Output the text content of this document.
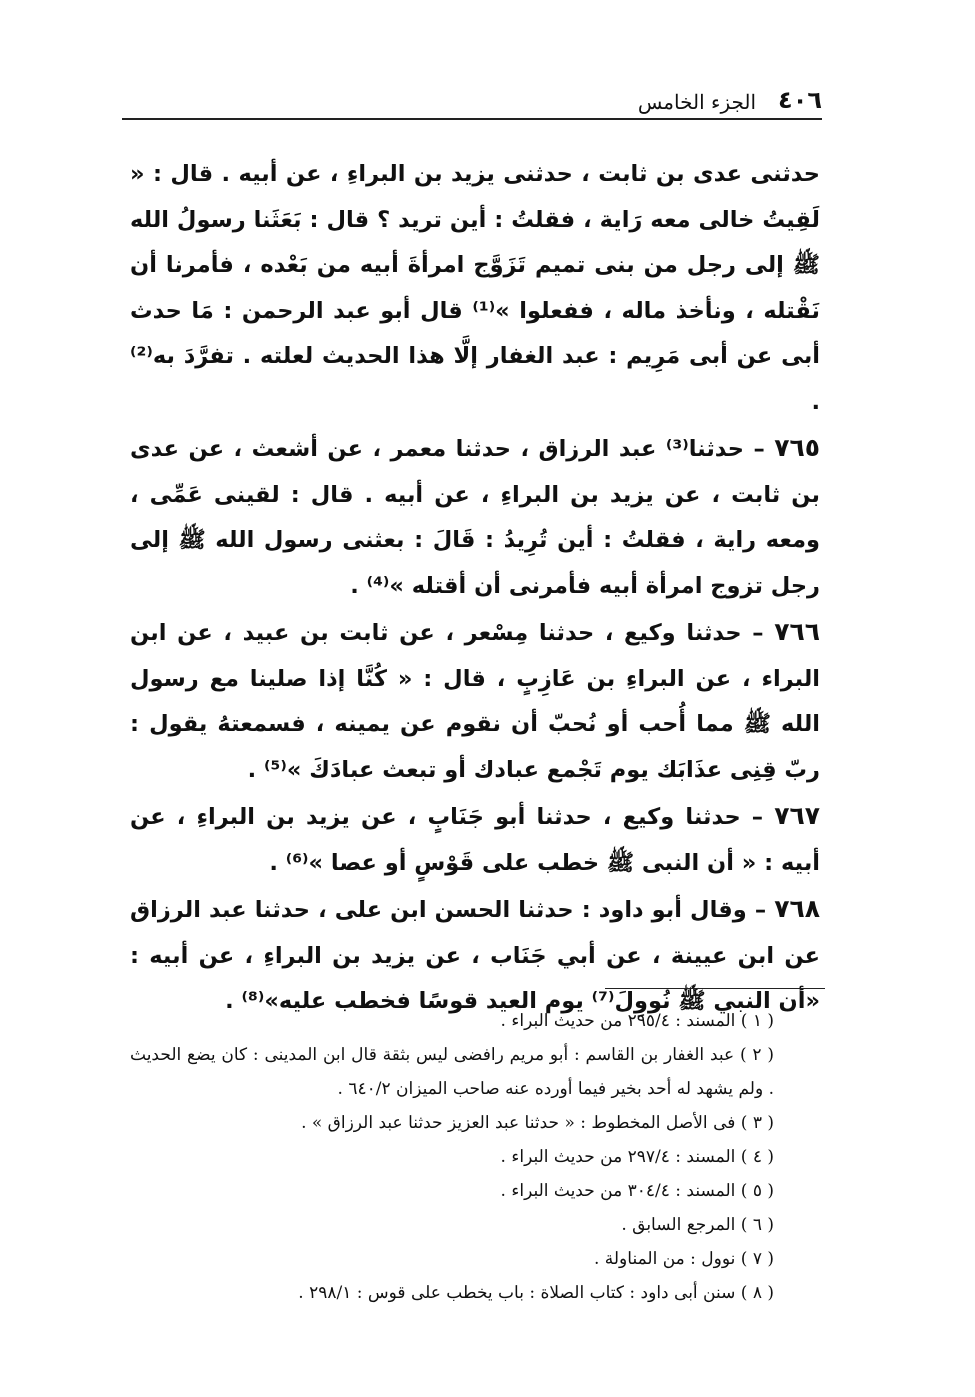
٤٠٦
الجزء الخامس

حدثنى عدى بن ثابت ، حدثنى يزيد بن البراءِ ، عن أبيه . قال : « لَقِيتُ خالى معه رَاية ، فقلتُ : أين تريد ؟ قال : بَعَثَنا رسولُ الله ﷺ إلى رجل من بنى تميم تَزَوَّج امرأةَ أبيه من بَعْده ، فأمرنا أن نَقْتله ، ونأخذ ماله ، ففعلوا »⁽¹⁾ قال أبو عبد الرحمن : مَا حدث أبى عن أبى مَرِيم : عبد الغفار إلَّا هذا الحديث لعلته . تفرَّدَ به⁽²⁾ .

٧٦٥ – حدثنا⁽³⁾ عبد الرزاق ، حدثنا معمر ، عن أشعث ، عن عدى بن ثابت ، عن يزيد بن البراءِ ، عن أبيه . قال : لقينى عَمِّى ، ومعه راية ، فقلتُ : أين تُرِيدُ : قَالَ : بعثنى رسول الله ﷺ إلى رجل تزوج امرأة أبيه فأمرنى أن أقتله »⁽⁴⁾ .

٧٦٦ – حدثنا وكيع ، حدثنا مِسْعر ، عن ثابت بن عبيد ، عن ابن البراء ، عن البراءِ بن عَازِبٍ ، قال : « كُنَّا إذا صلينا مع رسول الله ﷺ مما أُحب أو نُحبّ أن نقوم عن يمينه ، فسمعتهُ يقول : ربّ قِنِى عذَابَك يوم تَجْمع عبادك أو تبعث عبادَكَ »⁽⁵⁾ .

٧٦٧ – حدثنا وكيع ، حدثنا أبو جَنَابٍ ، عن يزيد بن البراءِ ، عن أبيه : « أن النبى ﷺ خطب على قَوْسٍ أو عصا »⁽⁶⁾ .

٧٦٨ – وقال أبو داود : حدثنا الحسن ابن على ، حدثنا عبد الرزاق عن ابن عيينة ، عن أبي جَنَاب ، عن يزيد بن البراءِ ، عن أبيه : «أن النبي ﷺ نُووِلَ⁽⁷⁾ يوم العيد قوسًا فخطب عليه»⁽⁸⁾ .

( ١ ) المسند : ٢٩٥/٤ من حديث البراء .

( ٢ ) عبد الغفار بن القاسم : أبو مريم رافضى ليس بثقة قال ابن المدينى : كان يضع الحديث . ولم يشهد له أحد بخير فيما أورده عنه صاحب الميزان ٦٤٠/٢ .

( ٣ ) فى الأصل المخطوط : « حدثنا عبد العزيز حدثنا عبد الرزاق » .

( ٤ ) المسند : ٢٩٧/٤ من حديث البراء .

( ٥ ) المسند : ٣٠٤/٤ من حديث البراء .

( ٦ ) المرجع السابق .

( ٧ ) نوول : من المناولة .

( ٨ ) سنن أبى داود : كتاب الصلاة : باب يخطب على قوس : ٢٩٨/١ .
